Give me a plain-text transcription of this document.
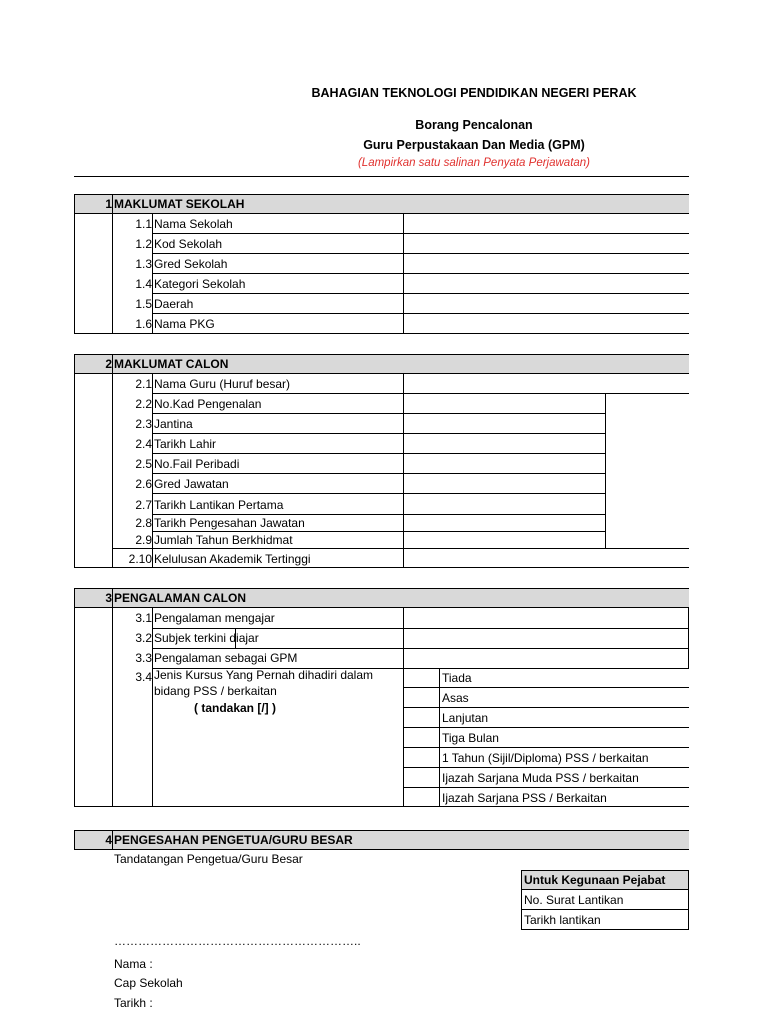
BAHAGIAN TEKNOLOGI PENDIDIKAN NEGERI PERAK
Borang Pencalonan
Guru Perpustakaan Dan Media (GPM)
(Lampirkan satu salinan Penyata Perjawatan)
1 MAKLUMAT SEKOLAH
1.1 Nama Sekolah
1.2 Kod Sekolah
1.3 Gred Sekolah
1.4 Kategori Sekolah
1.5 Daerah
1.6 Nama PKG
2 MAKLUMAT CALON
2.1 Nama Guru (Huruf besar)
2.2 No.Kad Pengenalan
2.3 Jantina
2.4 Tarikh Lahir
2.5 No.Fail Peribadi
2.6 Gred Jawatan
2.7 Tarikh Lantikan Pertama
2.8 Tarikh Pengesahan Jawatan
2.9 Jumlah Tahun Berkhidmat
2.10 Kelulusan Akademik Tertinggi
3 PENGALAMAN CALON
3.1 Pengalaman mengajar
3.2 Subjek terkini diajar
3.3 Pengalaman sebagai GPM
3.4 Jenis Kursus Yang Pernah dihadiri dalam
bidang PSS / berkaitan
( tandakan [/] )
Tiada
Asas
Lanjutan
Tiga Bulan
1 Tahun (Sijil/Diploma) PSS / berkaitan
Ijazah Sarjana Muda PSS / berkaitan
Ijazah Sarjana PSS / Berkaitan
4 PENGESAHAN PENGETUA/GURU BESAR
Tandatangan Pengetua/Guru Besar
……………………………………………………..
Nama :
Cap Sekolah
Tarikh :
Untuk Kegunaan Pejabat
No. Surat Lantikan
Tarikh lantikan
